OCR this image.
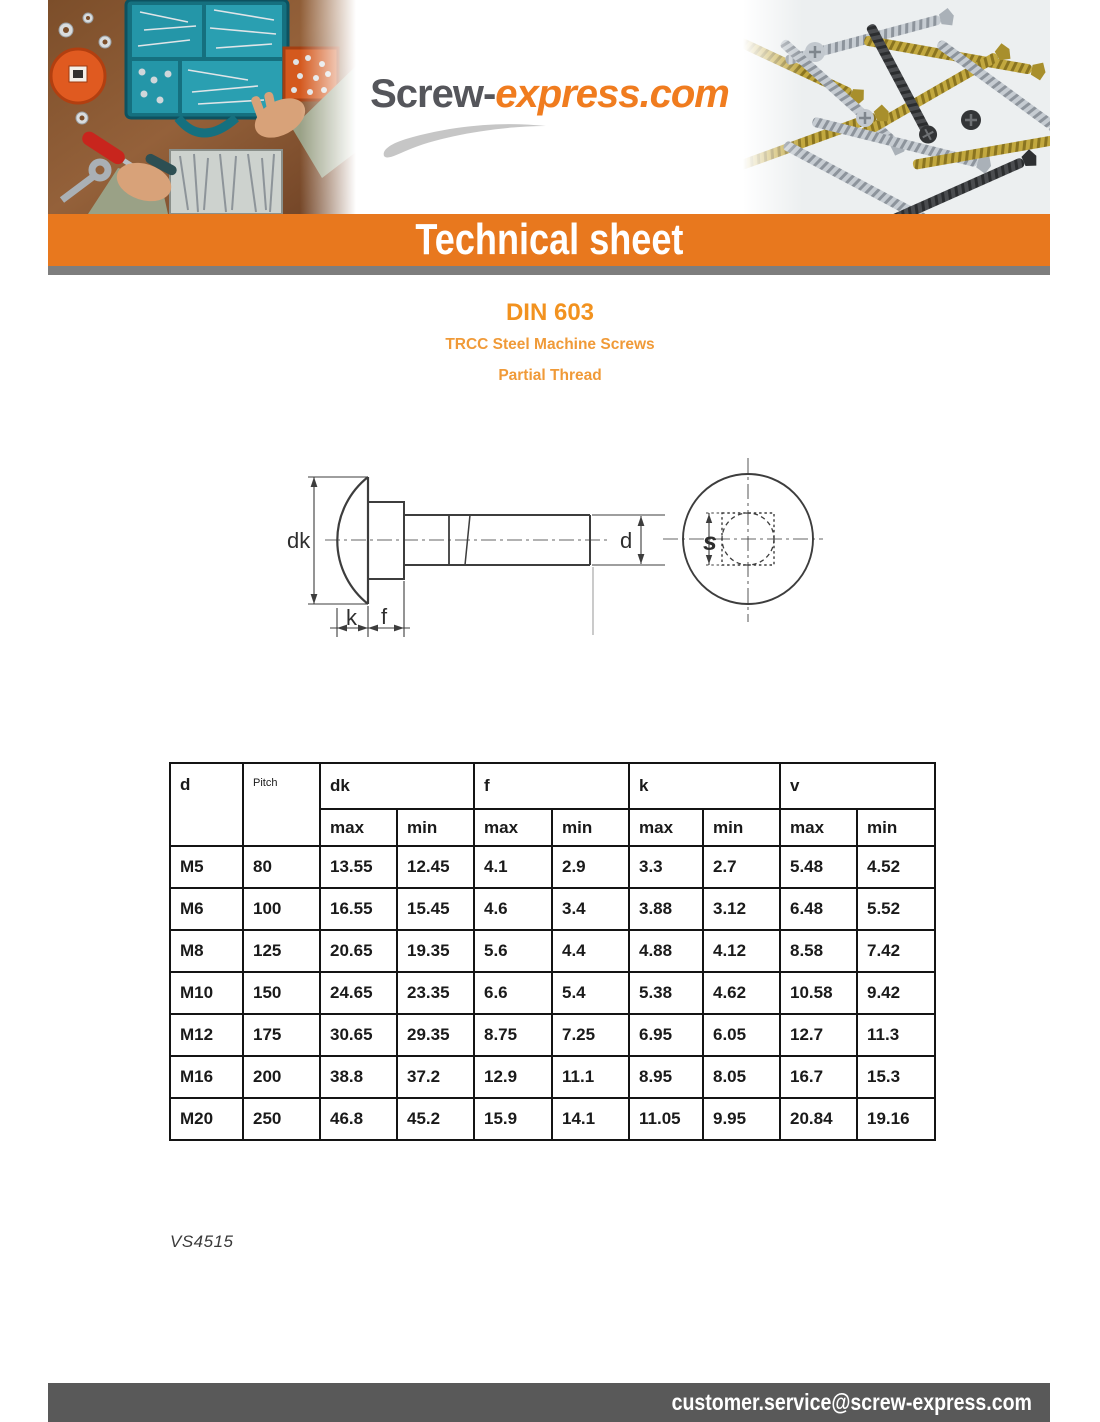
Screw-express.com
Technical sheet
DIN 603
TRCC Steel Machine Screws
Partial Thread
dk
k f
d	s
d	Pitch	dk		f		k		v	
		max	min	max	min	max	min	max	min
M5	80	13.55	12.45	4.1	2.9	3.3	2.7	5.48	4.52
M6	100	16.55	15.45	4.6	3.4	3.88	3.12	6.48	5.52
M8	125	20.65	19.35	5.6	4.4	4.88	4.12	8.58	7.42
M10	150	24.65	23.35	6.6	5.4	5.38	4.62	10.58	9.42
M12	175	30.65	29.35	8.75	7.25	6.95	6.05	12.7	11.3
M16	200	38.8	37.2	12.9	11.1	8.95	8.05	16.7	15.3
M20	250	46.8	45.2	15.9	14.1	11.05	9.95	20.84	19.16
VS4515
customer.service@screw-express.com
